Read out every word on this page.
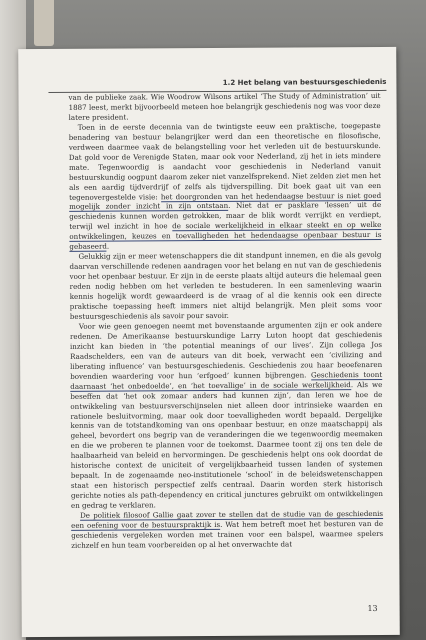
1.2 Het belang van bestuursgeschiedenis

van de publieke zaak. Wie Woodrow Wilsons artikel ‘The Study of Administration’ uit 1887 leest, merkt bijvoorbeeld meteen hoe belangrijk geschiedenis nog was voor deze latere president.

Toen in de eerste decennia van de twintigste eeuw een praktische, toegepaste benadering van bestuur belangrijker werd dan een theoretische en filosofische, verdween daarmee vaak de belangstelling voor het verleden uit de bestuurskunde. Dat gold voor de Verenigde Staten, maar ook voor Nederland, zij het in iets mindere mate. Tegenwoordig is aandacht voor geschiedenis in Nederland vanuit bestuurskundig oogpunt daarom zeker niet vanzelfsprekend. Niet zelden ziet men het als een aardig tijdverdrijf of zelfs als tijdverspilling. Dit boek gaat uit van een tegenovergestelde visie: het doorgronden van het hedendaagse bestuur is niet goed mogelijk zonder inzicht in zijn ontstaan. Niet dat er pasklare ‘lessen’ uit de geschiedenis kunnen worden getrokken, maar de blik wordt verrijkt en verdiept, terwijl wel inzicht in hoe de sociale werkelijkheid in elkaar steekt en op welke ontwikkelingen, keuzes en toevalligheden het hedendaagse openbaar bestuur is gebaseerd.

Gelukkig zijn er meer wetenschappers die dit standpunt innemen, en die als gevolg daarvan verschillende redenen aandragen voor het belang en nut van de geschiedenis voor het openbaar bestuur. Er zijn in de eerste plaats altijd auteurs die helemaal geen reden nodig hebben om het verleden te bestuderen. In een samenleving waarin kennis hogelijk wordt gewaardeerd is de vraag of al die kennis ook een directe praktische toepassing heeft immers niet altijd belangrijk. Men pleit soms voor bestuursgeschiedenis als savoir pour savoir.

Voor wie geen genoegen neemt met bovenstaande argumenten zijn er ook andere redenen. De Amerikaanse bestuurskundige Larry Luton hoopt dat geschiedenis inzicht kan bieden in ‘the potential meanings of our lives’. Zijn collega Jos Raadschelders, een van de auteurs van dit boek, verwacht een ‘civilizing and liberating influence’ van bestuursgeschiedenis. Geschiedenis zou haar beoefenaren bovendien waardering voor hun ‘erfgoed’ kunnen bijbrengen. Geschiedenis toont daarnaast ‘het onbedoelde’, en ‘het toevallige’ in de sociale werkelijkheid. Als we beseffen dat ‘het ook zomaar anders had kunnen zijn’, dan leren we hoe de ontwikkeling van bestuursverschijnselen niet alleen door intrinsieke waarden en rationele besluitvorming, maar ook door toevalligheden wordt bepaald. Dergelijke kennis van de totstandkoming van ons openbaar bestuur, en onze maatschappij als geheel, bevordert ons begrip van de veranderingen die we tegenwoordig meemaken en die we proberen te plannen voor de toekomst. Daarmee toont zij ons ten dele de haalbaarheid van beleid en hervormingen. De geschiedenis helpt ons ook doordat de historische context de uniciteit of vergelijkbaarheid tussen landen of systemen bepaalt. In de zogenaamde neo-institutionele ‘school’ in de beleidswetenschappen staat een historisch perspectief zelfs centraal. Daarin worden sterk historisch gerichte noties als path-dependency en critical junctures gebruikt om ontwikkelingen en gedrag te verklaren.

De politiek filosoof Gallie gaat zover te stellen dat de studie van de geschiedenis een oefening voor de bestuurspraktijk is. Wat hem betreft moet het besturen van de geschiedenis vergeleken worden met trainen voor een balspel, waarmee spelers zichzelf en hun team voorbereiden op al het onverwachte dat

13
